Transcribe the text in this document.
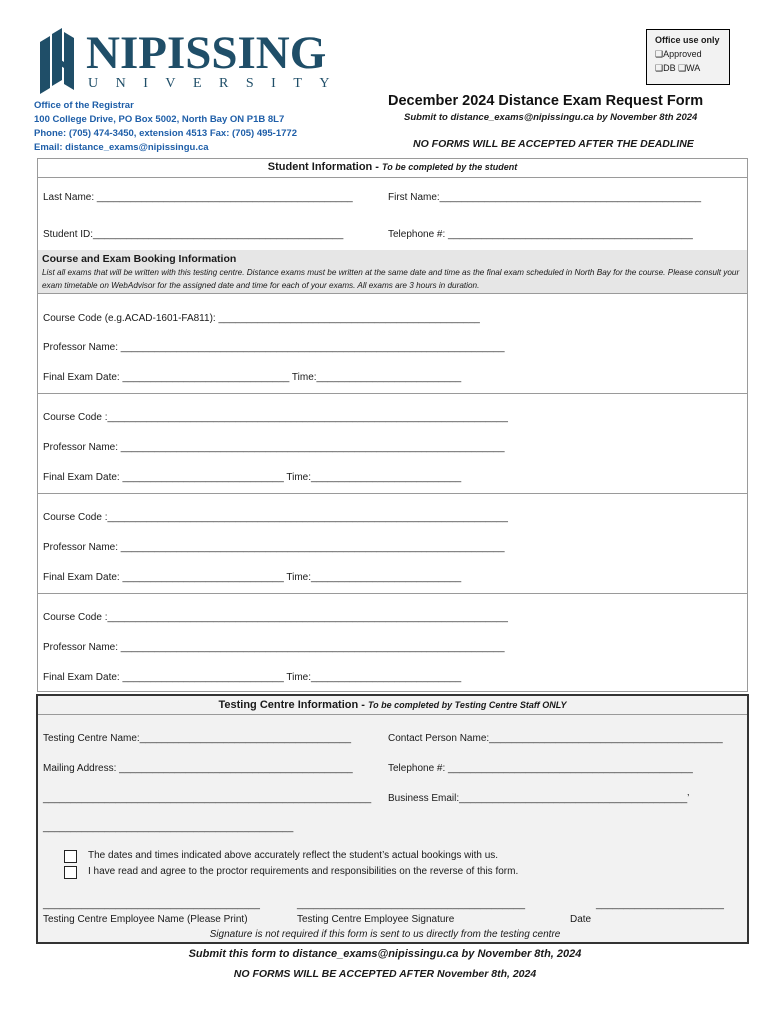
NIPISSING
UNIVERSITY
Office use only
❑Approved
❑DB ❑WA
Office of the Registrar
100 College Drive, PO Box 5002, North Bay ON P1B 8L7
Phone: (705) 474-3450, extension 4513 Fax: (705) 495-1772
Email: distance_exams@nipissingu.ca
December 2024 Distance Exam Request Form
Submit to distance_exams@nipissingu.ca by November 8th 2024
NO FORMS WILL BE ACCEPTED AFTER THE DEADLINE
Student Information - To be completed by the student
Last Name: ______________________________________________	First Name:_______________________________________________
Student ID:_____________________________________________	Telephone #: ____________________________________________
Course and Exam Booking Information
List all exams that will be written with this testing centre. Distance exams must be written at the same date and time as the final exam scheduled in North Bay for the course. Please consult your exam timetable on WebAdvisor for the assigned date and time for each of your exams. All exams are 3 hours in duration.
Course Code (e.g.ACAD-1601-FA811): _______________________________________________
Professor Name: _____________________________________________________________________
Final Exam Date: ______________________________ Time:__________________________
Course Code :________________________________________________________________________
Professor Name: _____________________________________________________________________
Final Exam Date: _____________________________ Time:___________________________
Course Code :________________________________________________________________________
Professor Name: _____________________________________________________________________
Final Exam Date: _____________________________ Time:___________________________
Course Code :________________________________________________________________________
Professor Name: _____________________________________________________________________
Final Exam Date: _____________________________ Time:___________________________
Testing Centre Information - To be completed by Testing Centre Staff ONLY
Testing Centre Name:______________________________________	Contact Person Name:__________________________________________
Mailing Address: __________________________________________	Telephone #: ____________________________________________
___________________________________________________________ Business Email:_________________________________________’
_____________________________________________
The dates and times indicated above accurately reflect the student’s actual bookings with us.
I have read and agree to the proctor requirements and responsibilities on the reverse of this form.
_______________________________________	_________________________________________	_______________________
Testing Centre Employee Name (Please Print)	Testing Centre Employee Signature	Date
Signature is not required if this form is sent to us directly from the testing centre
Submit this form to distance_exams@nipissingu.ca by November 8th, 2024
NO FORMS WILL BE ACCEPTED AFTER November 8th, 2024
